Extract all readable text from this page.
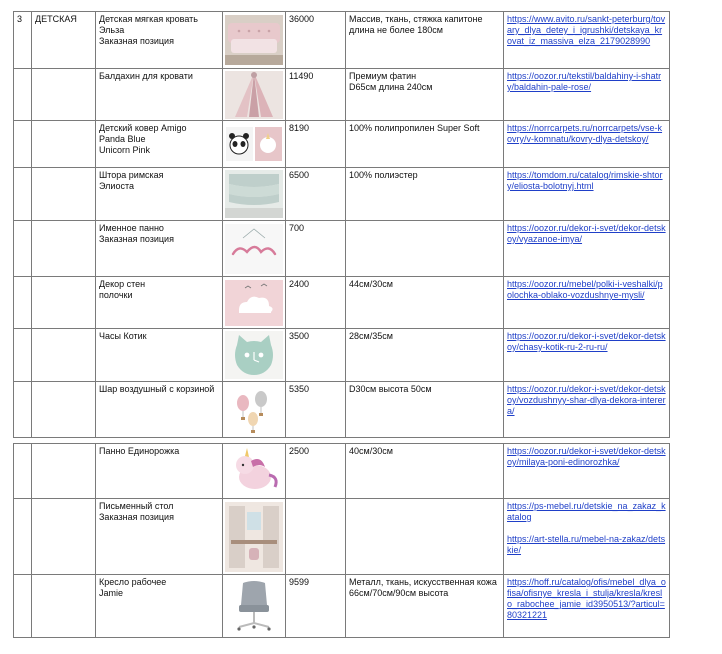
3	ДЕТСКАЯ	Детская мягкая кровать
Эльза
Заказная позиция		36000	Массив, ткань, стяжка капитоне
длина не более 180см	https://www.avito.ru/sankt-peterburg/tovary_dlya_detey_i_igrushki/detskaya_krovat_iz_massiva_elza_2179028990

		Балдахин для кровати		11490	Премиум фатин
D65см длина 240см	https://oozor.ru/tekstil/baldahiny-i-shatry/baldahin-pale-rose/

		Детский ковер Amigo
Panda Blue
Unicorn Pink		8190	100% полипропилен Super Soft	https://norrcarpets.ru/norrcarpets/vse-kovry/v-komnatu/kovry-dlya-detskoy/

		Штора римская
Элиоста		6500	100% полиэстер	https://tomdom.ru/catalog/rimskie-shtory/eliosta-bolotnyj.html

		Именное панно
Заказная позиция		700		https://oozor.ru/dekor-i-svet/dekor-detskoy/vyazanoe-imya/

		Декор стен
полочки		2400	44см/30см	https://oozor.ru/mebel/polki-i-veshalki/polochka-oblako-vozdushnye-mysli/

		Часы Котик		3500	28см/35см	https://oozor.ru/dekor-i-svet/dekor-detskoy/chasy-kotik-ru-2-ru-ru/

		Шар воздушный с корзиной		5350	D30см высота 50см	https://oozor.ru/dekor-i-svet/dekor-detskoy/vozdushnyy-shar-dlya-dekora-interera/

		Панно Единорожка		2500	40см/30см	https://oozor.ru/dekor-i-svet/dekor-detskoy/milaya-poni-edinorozhka/

		Письменный стол
Заказная позиция				https://ps-mebel.ru/detskie_na_zakaz_katalog
https://art-stella.ru/mebel-na-zakaz/detskie/

		Кресло рабочее
Jamie		9599	Металл, ткань, искусственная кожа
66см/70см/90см высота	https://hoff.ru/catalog/ofis/mebel_dlya_ofisa/ofisnye_kresla_i_stulja/kresla/kreslo_rabochee_jamie_id3950513/?articul=80321221
